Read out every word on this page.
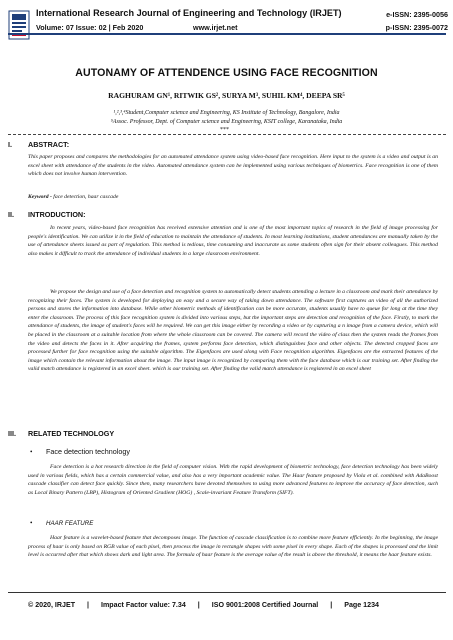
International Research Journal of Engineering and Technology (IRJET)
Volume: 07 Issue: 02 | Feb 2020	www.irjet.net
e-ISSN: 2395-0056
p-ISSN: 2395-0072
AUTONAMY OF ATTENDENCE USING FACE RECOGNITION
RAGHURAM GN¹, RITWIK GS², SURYA M³, SUHIL KM⁴, DEEPA SR⁵
¹,²,³,⁴Student,Computer science and Engineering, KS Institute of Technology, Bangalore, India
⁵Assoc. Professor, Dept. of Computer science and Engineering, KSIT college, Karanataka, India
***
I. ABSTRACT:
This paper proposes and compares the methodologies for an automated attendance system using video-based face recognition. Here input to the system is a video and output is an excel sheet with attendance of the students in the video. Automated attendance system can be implemented using various techniques of biometrics. Face recognition is one of them which does not involve human intervention.
Keyword - face detection, haar cascade
II. INTRODUCTION:
In recent years, video-based face recognition has received extensive attention and is one of the most important topics of research in the field of image processing for people's identification. We can utilize it in the field of education to maintain the attendance of students. In most learning institutions, student attendances are manually taken by the use of attendance sheets issued as part of regulation. This method is tedious, time consuming and inaccurate as some students often sign for their absent colleagues. This method also makes it difficult to track the attendance of individual students in a large classroom environment.
We propose the design and use of a face detection and recognition system to automatically detect students attending a lecture in a classroom and mark their attendance by recognizing their faces. The system is developed for deploying an easy and a secure way of taking down attendance. The software first captures an video of all the authorized persons and stores the information into database. While other biometric methods of identification can be more accurate, students usually have to queue for long at the time they enter the classroom. The process of this face recognition system is divided into various steps, but the important steps are detection and recognition of the face. Firstly, to mark the attendance of students, the image of student's faces will be required. We can get this image either by recording a video or by capturing a n image from a camera device, which will be placed in the classroom at a suitable location from where the whole classroom can be covered. The camera will record the video of class then the system reads the frames from the video and detects the faces in it. After acquiring the frames, system performs face detection, which distinguishes face and other objects. The detected cropped faces are processed further for face recognition using the suitable algorithm. The Eigenfaces are used along with Face recognition algorithm. Eigenfaces are the extracted features of the image which contain the relevant information about the image. The input image is recognized by comparing them with the face database which is our training set. After finding the valid match attendance is registered in an excel sheet. which is our training set. After finding the valid match attendance is registered in an excel sheet
III. RELATED TECHNOLOGY
• Face detection technology
Face detection is a hot research direction in the field of computer vision. With the rapid development of biometric technology, face detection technology has been widely used in various fields, which has a certain commercial value, and also has a very important academic value. The Haar feature proposed by Viola et al. combined with AdaBoost cascade classifier can detect face quickly. Since then, many researchers have devoted themselves to using more advanced features to improve the accuracy of face detection, such as Local Binary Pattern (LBP), Histogram of Oriented Gradient (HOG) , Scale-invariant Feature Transform (SIFT).
• HAAR FEATURE
Haar feature is a wavelet-based feature that decomposes image. The function of cascade classification is to combine more feature efficiently. In the beginning, the image process of haar is only based on RGB value of each pixel, then process the image in rectangle shapes with some pixel in every shape. Each of the shapes is processed and the limit level is occurred after that which shows dark and light area. The formula of haar feature is the average value of the result is above the threshold, it means the haar feature exists.
© 2020, IRJET | Impact Factor value: 7.34 | ISO 9001:2008 Certified Journal | Page 1234
